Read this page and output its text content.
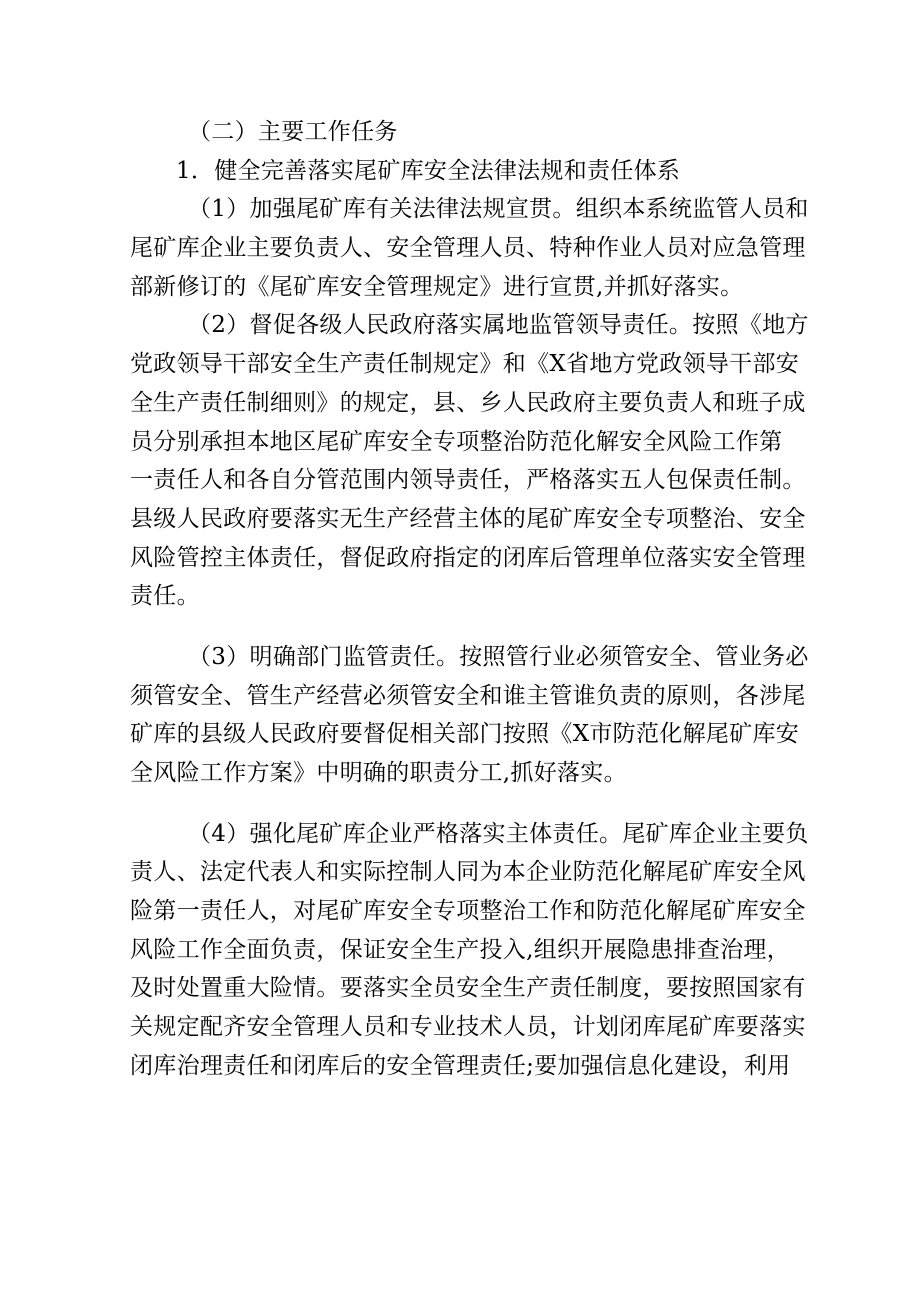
（二）主要工作任务
1．健全完善落实尾矿库安全法律法规和责任体系
（1）加强尾矿库有关法律法规宣贯。组织本系统监管人员和
尾矿库企业主要负责人、安全管理人员、特种作业人员对应急管理
部新修订的《尾矿库安全管理规定》进行宣贯,并抓好落实。
（2）督促各级人民政府落实属地监管领导责任。按照《地方
党政领导干部安全生产责任制规定》和《X省地方党政领导干部安
全生产责任制细则》的规定，县、乡人民政府主要负责人和班子成
员分别承担本地区尾矿库安全专项整治防范化解安全风险工作第
一责任人和各自分管范围内领导责任，严格落实五人包保责任制。
县级人民政府要落实无生产经营主体的尾矿库安全专项整治、安全
风险管控主体责任，督促政府指定的闭库后管理单位落实安全管理
责任。
（3）明确部门监管责任。按照管行业必须管安全、管业务必
须管安全、管生产经营必须管安全和谁主管谁负责的原则，各涉尾
矿库的县级人民政府要督促相关部门按照《X市防范化解尾矿库安
全风险工作方案》中明确的职责分工,抓好落实。
（4）强化尾矿库企业严格落实主体责任。尾矿库企业主要负
责人、法定代表人和实际控制人同为本企业防范化解尾矿库安全风
险第一责任人，对尾矿库安全专项整治工作和防范化解尾矿库安全
风险工作全面负责，保证安全生产投入,组织开展隐患排查治理，
及时处置重大险情。要落实全员安全生产责任制度，要按照国家有
关规定配齐安全管理人员和专业技术人员，计划闭库尾矿库要落实
闭库治理责任和闭库后的安全管理责任;要加强信息化建设，利用
